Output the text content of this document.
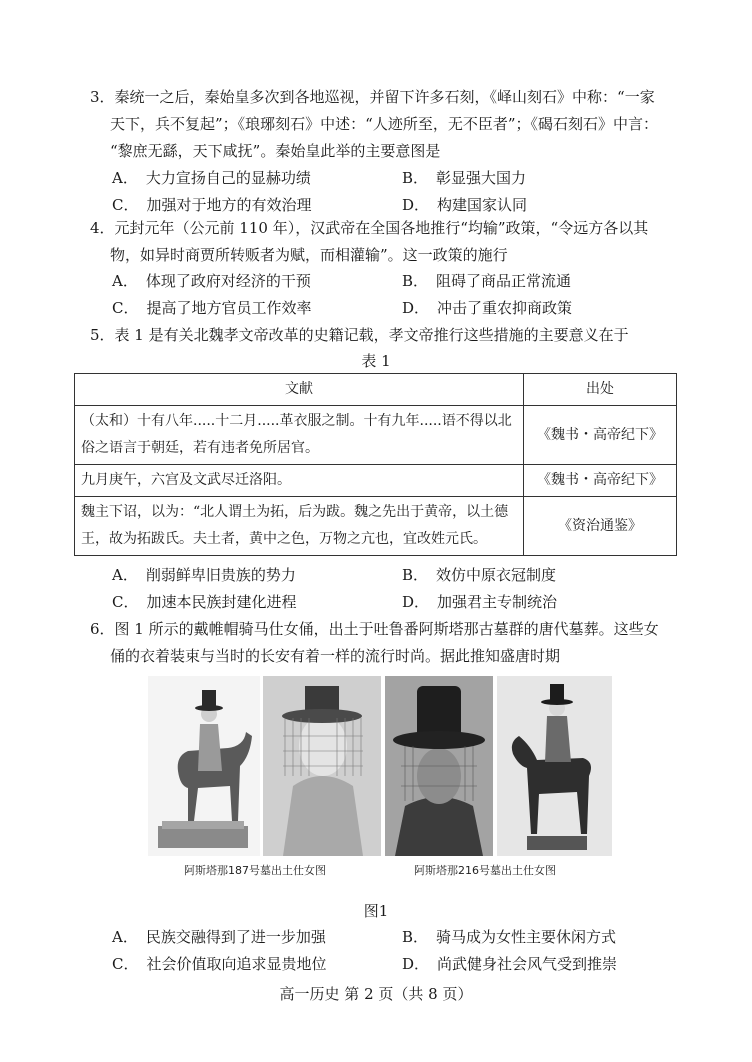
3．秦统一之后，秦始皇多次到各地巡视，并留下许多石刻，《峄山刻石》中称：“一家
天下，兵不复起”；《琅琊刻石》中述：“人迹所至，无不臣者”；《碣石刻石》中言：
“黎庶无繇，天下咸抚”。秦始皇此举的主要意图是
A． 大力宣扬自己的显赫功绩	B． 彰显强大国力
C． 加强对于地方的有效治理	D． 构建国家认同
4．元封元年（公元前 110 年），汉武帝在全国各地推行“均输”政策，“令远方各以其
物，如异时商贾所转贩者为赋，而相灌输”。这一政策的施行
A． 体现了政府对经济的干预	B． 阻碍了商品正常流通
C． 提高了地方官员工作效率	D． 冲击了重农抑商政策
5．表 1 是有关北魏孝文帝改革的史籍记载，孝文帝推行这些措施的主要意义在于
表 1
文献	出处
（太和）十有八年.....十二月.....革衣服之制。十有九年.....语不得以北俗之语言于朝廷，若有违者免所居官。	《魏书・高帝纪下》
九月庚午，六宫及文武尽迁洛阳。	《魏书・高帝纪下》
魏主下诏，以为：“北人谓土为拓，后为跋。魏之先出于黄帝，以土德王，故为拓跋氏。夫土者，黄中之色，万物之亢也，宜改姓元氏。	《资治通鉴》
A． 削弱鲜卑旧贵族的势力	B． 效仿中原衣冠制度
C． 加速本民族封建化进程	D． 加强君主专制统治
6．图 1 所示的戴帷帽骑马仕女俑，出土于吐鲁番阿斯塔那古墓群的唐代墓葬。这些女
俑的衣着装束与当时的长安有着一样的流行时尚。据此推知盛唐时期
阿斯塔那187号墓出土仕女图	阿斯塔那216号墓出土仕女图
图1
A． 民族交融得到了进一步加强	B． 骑马成为女性主要休闲方式
C． 社会价值取向追求显贵地位	D． 尚武健身社会风气受到推崇
高一历史 第 2 页（共 8 页）
